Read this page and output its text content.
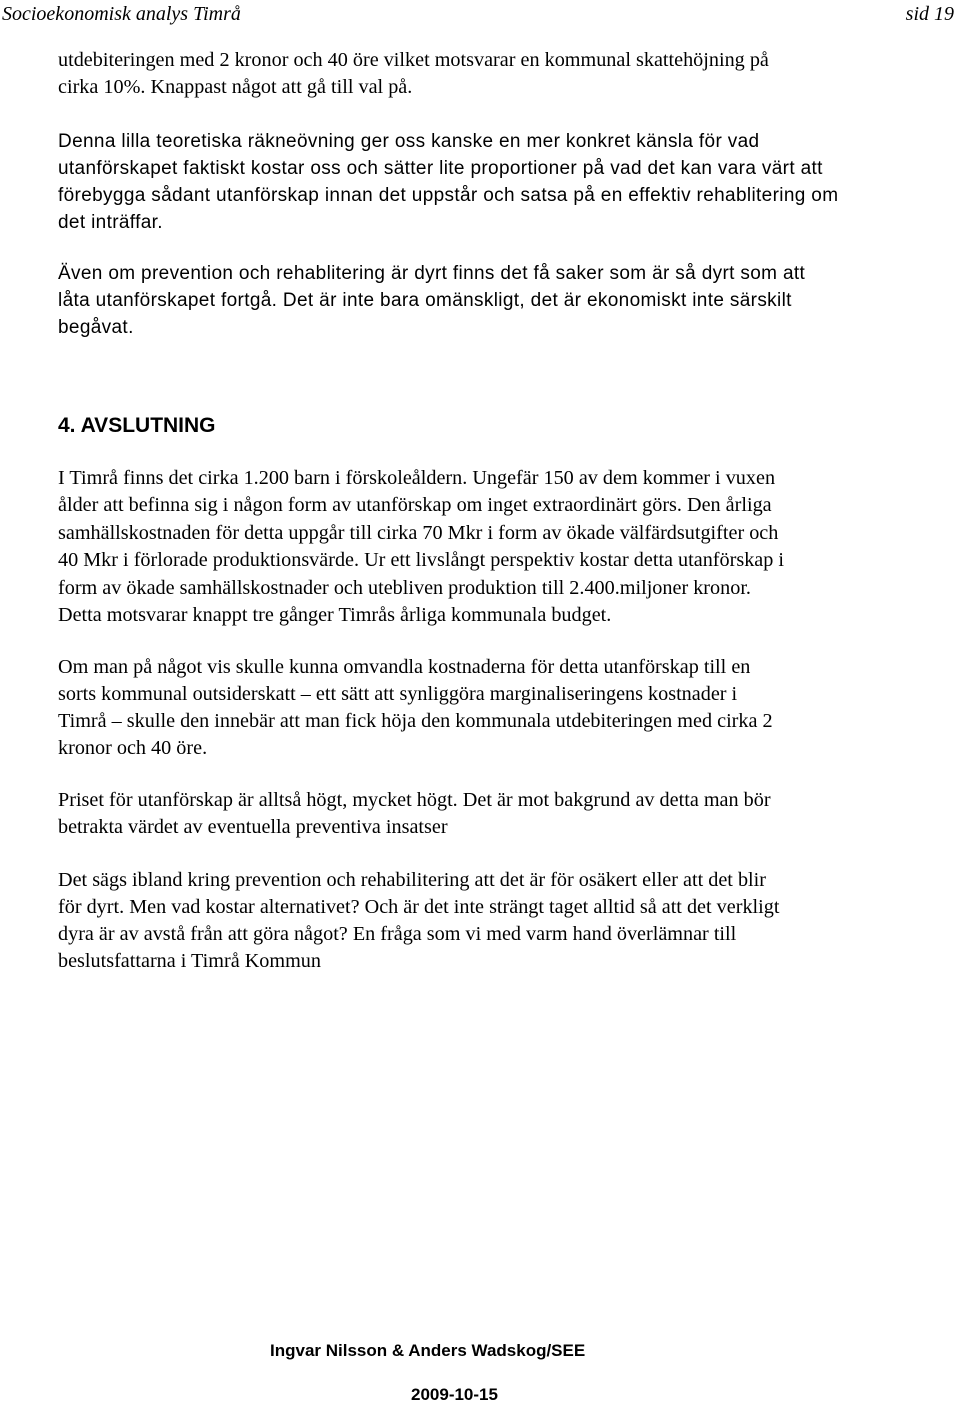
Socioekonomisk analys Timrå	sid 19
utdebiteringen med 2 kronor och 40 öre vilket motsvarar en kommunal skattehöjning på
cirka 10%. Knappast något att gå till val på.
Denna lilla teoretiska räkneövning ger oss kanske en mer konkret känsla för vad
utanförskapet faktiskt kostar oss och sätter lite proportioner på vad det kan vara värt att
förebygga sådant utanförskap innan det uppstår och satsa på en effektiv rehablitering om
det inträffar.
Även om prevention och rehablitering är dyrt finns det få saker som är så dyrt som att
låta utanförskapet fortgå. Det är inte bara omänskligt, det är ekonomiskt inte särskilt
begåvat.
4. AVSLUTNING
I Timrå finns det cirka 1.200 barn i förskoleåldern. Ungefär 150 av dem kommer i vuxen
ålder att befinna sig i någon form av utanförskap om inget extraordinärt görs. Den årliga
samhällskostnaden för detta uppgår till cirka 70 Mkr i form av ökade välfärdsutgifter och
40 Mkr i förlorade produktionsvärde. Ur ett livslångt perspektiv kostar detta utanförskap i
form av ökade samhällskostnader och utebliven produktion till 2.400.miljoner kronor.
Detta motsvarar knappt tre gånger Timrås årliga kommunala budget.
Om man på något vis skulle kunna omvandla kostnaderna för detta utanförskap till en
sorts kommunal outsiderskatt – ett sätt att synliggöra marginaliseringens kostnader i
Timrå – skulle den innebär att man fick höja den kommunala utdebiteringen med cirka 2
kronor och 40 öre.
Priset för utanförskap är alltså högt, mycket högt. Det är mot bakgrund av detta man bör
betrakta värdet av eventuella preventiva insatser
Det sägs ibland kring prevention och rehabilitering att det är för osäkert eller att det blir
för dyrt. Men vad kostar alternativet? Och är det inte strängt taget alltid så att det verkligt
dyra är av avstå från att göra något? En fråga som vi med varm hand överlämnar till
beslutsfattarna i Timrå Kommun
Ingvar Nilsson & Anders Wadskog/SEE
2009-10-15
